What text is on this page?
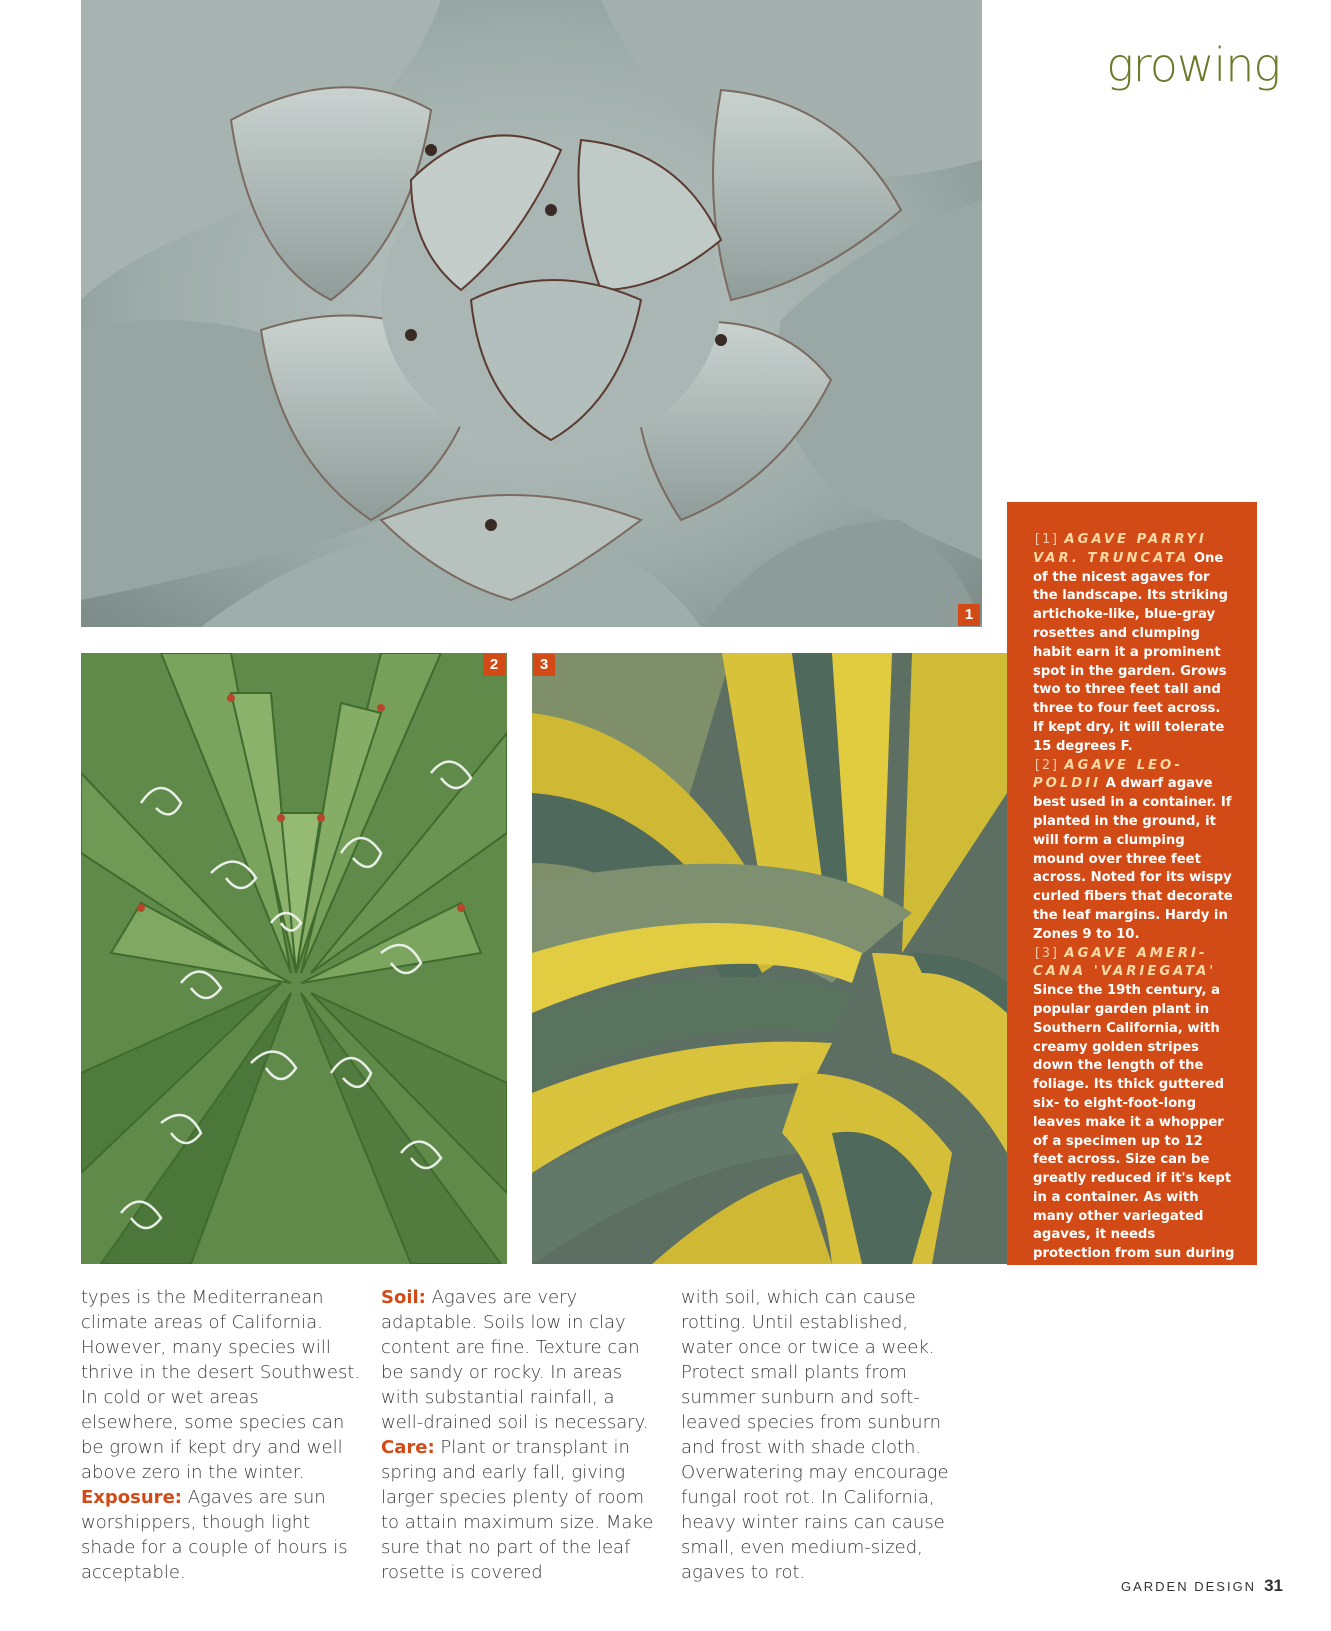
growing
1
2	3

[1] AGAVE PARRYI VAR. TRUNCATA One of the nicest agaves for the landscape. Its striking artichoke-like, blue-gray rosettes and clumping habit earn it a prominent spot in the garden. Grows two to three feet tall and three to four feet across. If kept dry, it will tolerate 15 degrees F.

[2] AGAVE LEO-POLDII A dwarf agave best used in a container. If planted in the ground, it will form a clumping mound over three feet across. Noted for its wispy curled fibers that decorate the leaf margins. Hardy in Zones 9 to 10.

[3] AGAVE AMERI-CANA 'VARIEGATA' Since the 19th century, a popular garden plant in Southern California, with creamy golden stripes down the length of the foliage. Its thick guttered six- to eight-foot-long leaves make it a whopper of a specimen up to 12 feet across. Size can be greatly reduced if it's kept in a container. As with many other variegated agaves, it needs protection from sun during the hottest part of the day, especially in desert areas. Hardy to Zone 8.

types is the Mediterranean climate areas of California. However, many species will thrive in the desert Southwest. In cold or wet areas elsewhere, some species can be grown if kept dry and well above zero in the winter.

Exposure: Agaves are sun worshippers, though light shade for a couple of hours is acceptable.

Soil: Agaves are very adaptable. Soils low in clay content are fine. Texture can be sandy or rocky. In areas with substantial rainfall, a well-drained soil is necessary.

Care: Plant or transplant in spring and early fall, giving larger species plenty of room to attain maximum size. Make sure that no part of the leaf rosette is covered

with soil, which can cause rotting. Until established, water once or twice a week. Protect small plants from summer sunburn and soft-leaved species from sunburn and frost with shade cloth. Overwatering may encourage fungal root rot. In California, heavy winter rains can cause small, even medium-sized, agaves to rot.

GARDEN DESIGN 31
